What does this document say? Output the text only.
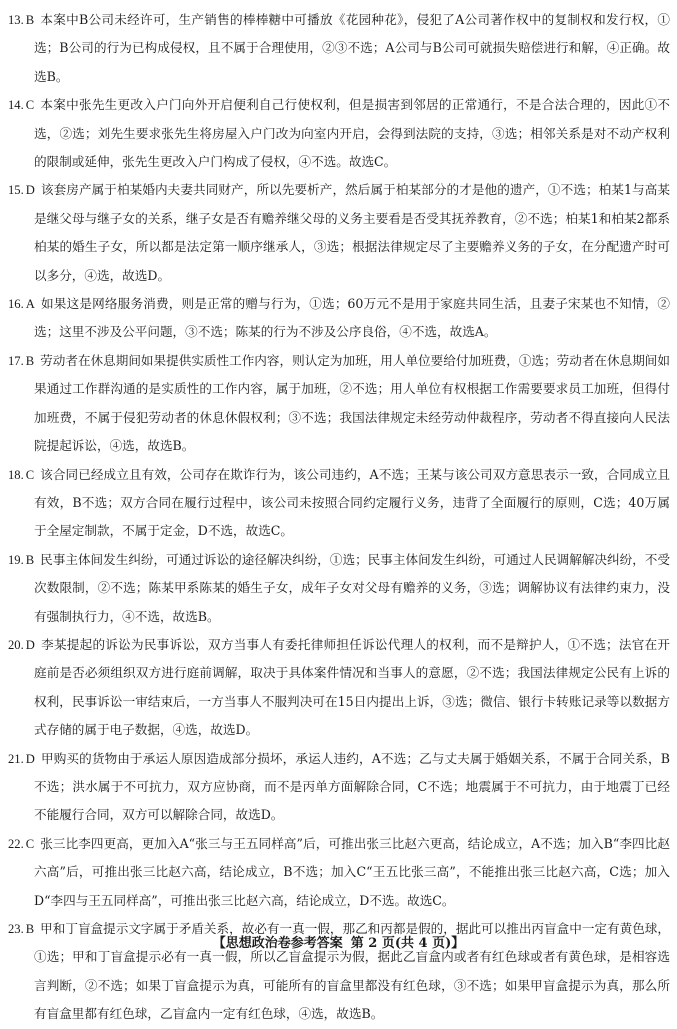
13. B 本案中B公司未经许可，生产销售的棒棒糖中可播放《花园种花》，侵犯了A公司著作权中的复制权和发行权，①选；B公司的行为已构成侵权，且不属于合理使用，②③不选；A公司与B公司可就损失赔偿进行和解，④正确。故选B。

14. C 本案中张先生更改入户门向外开启便利自己行使权利，但是损害到邻居的正常通行，不是合法合理的，因此①不选，②选；刘先生要求张先生将房屋入户门改为向室内开启，会得到法院的支持，③选；相邻关系是对不动产权利的限制或延伸，张先生更改入户门构成了侵权，④不选。故选C。

15. D 该套房产属于柏某婚内夫妻共同财产，所以先要析产，然后属于柏某部分的才是他的遗产，①不选；柏某1与高某是继父母与继子女的关系，继子女是否有赡养继父母的义务主要看是否受其抚养教育，②不选；柏某1和柏某2都系柏某的婚生子女，所以都是法定第一顺序继承人，③选；根据法律规定尽了主要赡养义务的子女，在分配遗产时可以多分，④选，故选D。

16. A 如果这是网络服务消费，则是正常的赠与行为，①选；60万元不是用于家庭共同生活，且妻子宋某也不知情，②选；这里不涉及公平问题，③不选；陈某的行为不涉及公序良俗，④不选，故选A。

17. B 劳动者在休息期间如果提供实质性工作内容，则认定为加班，用人单位要给付加班费，①选；劳动者在休息期间如果通过工作群沟通的是实质性的工作内容，属于加班，②不选；用人单位有权根据工作需要要求员工加班，但得付加班费，不属于侵犯劳动者的休息休假权利；③不选；我国法律规定未经劳动仲裁程序，劳动者不得直接向人民法院提起诉讼，④选，故选B。

18. C 该合同已经成立且有效，公司存在欺诈行为，该公司违约，A不选；王某与该公司双方意思表示一致，合同成立且有效，B不选；双方合同在履行过程中，该公司未按照合同约定履行义务，违背了全面履行的原则，C选；40万属于全屋定制款，不属于定金，D不选，故选C。

19. B 民事主体间发生纠纷，可通过诉讼的途径解决纠纷，①选；民事主体间发生纠纷，可通过人民调解解决纠纷，不受次数限制，②不选；陈某甲系陈某的婚生子女，成年子女对父母有赡养的义务，③选；调解协议有法律约束力，没有强制执行力，④不选，故选B。

20. D 李某提起的诉讼为民事诉讼，双方当事人有委托律师担任诉讼代理人的权利，而不是辩护人，①不选；法官在开庭前是否必须组织双方进行庭前调解，取决于具体案件情况和当事人的意愿，②不选；我国法律规定公民有上诉的权利，民事诉讼一审结束后，一方当事人不服判决可在15日内提出上诉，③选；微信、银行卡转账记录等以数据方式存储的属于电子数据，④选，故选D。

21. D 甲购买的货物由于承运人原因造成部分损坏，承运人违约，A不选；乙与丈夫属于婚姻关系，不属于合同关系，B不选；洪水属于不可抗力，双方应协商，而不是丙单方面解除合同，C不选；地震属于不可抗力，由于地震丁已经不能履行合同，双方可以解除合同，故选D。

22. C 张三比李四更高，更加入A“张三与王五同样高”后，可推出张三比赵六更高，结论成立，A不选；加入B“李四比赵六高”后，可推出张三比赵六高，结论成立，B不选；加入C“王五比张三高”，不能推出张三比赵六高，C选；加入D“李四与王五同样高”，可推出张三比赵六高，结论成立，D不选。故选C。

23. B 甲和丁盲盒提示文字属于矛盾关系，故必有一真一假，那乙和丙都是假的，据此可以推出丙盲盒中一定有黄色球，①选；甲和丁盲盒提示必有一真一假，所以乙盲盒提示为假，据此乙盲盒内或者有红色球或者有黄色球，是相容选言判断，②不选；如果丁盲盒提示为真，可能所有的盲盒里都没有红色球，③不选；如果甲盲盒提示为真，那么所有盲盒里都有红色球，乙盲盒内一定有红色球，④选，故选B。

【思想政治卷参考答案 第 2 页(共 4 页)】
